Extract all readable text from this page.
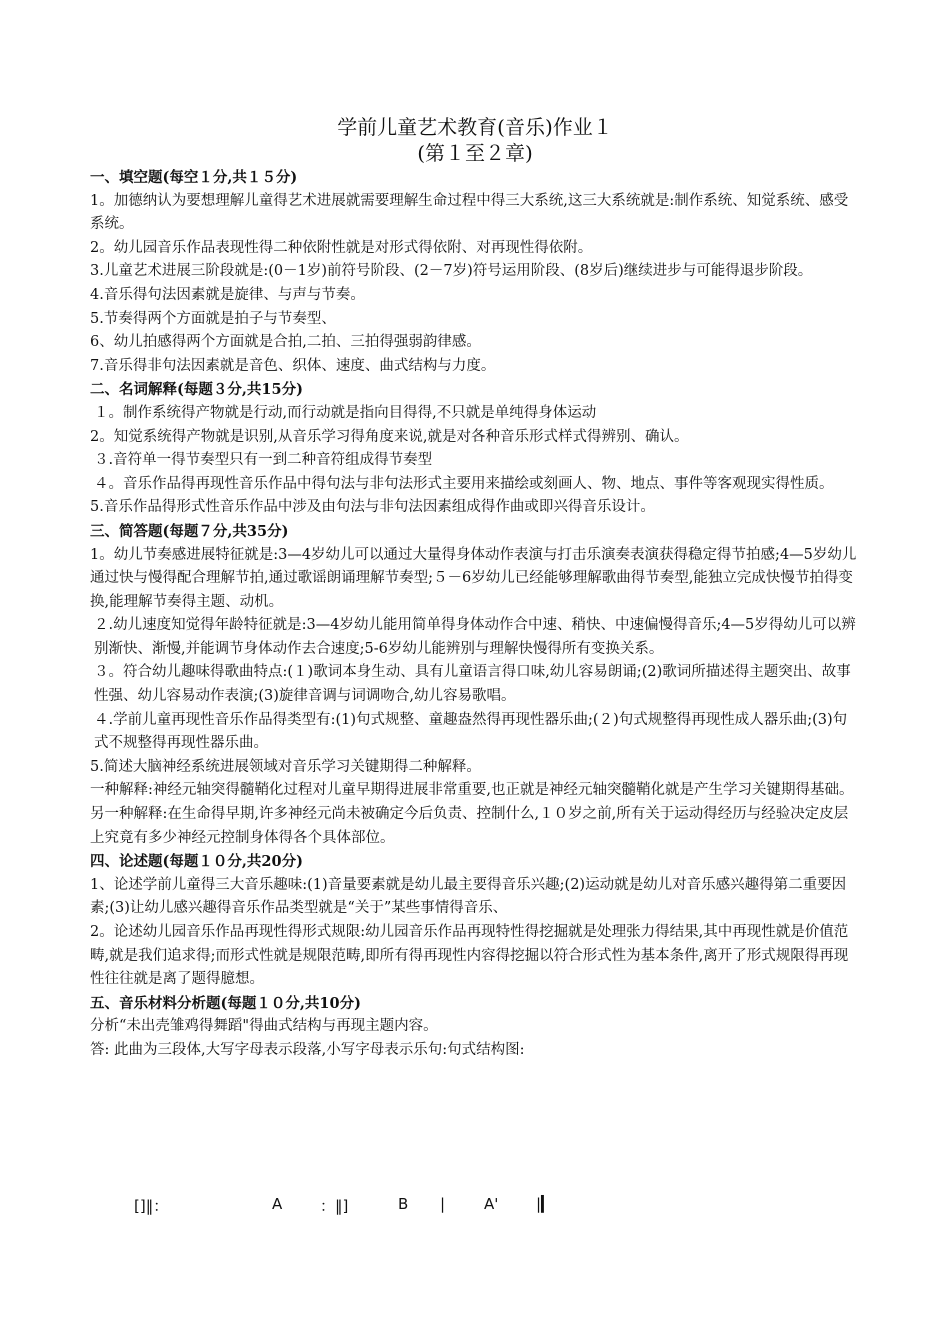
学前儿童艺术教育(音乐)作业１
(第１至２章)

一、填空题(每空１分,共１５分)

1。加德纳认为要想理解儿童得艺术进展就需要理解生命过程中得三大系统,这三大系统就是:制作系统、知觉系统、感受系统。

2。幼儿园音乐作品表现性得二种依附性就是对形式得依附、对再现性得依附。

3.儿童艺术进展三阶段就是:(0－1岁)前符号阶段、(2－7岁)符号运用阶段、(8岁后)继续进步与可能得退步阶段。

4.音乐得句法因素就是旋律、与声与节奏。

5.节奏得两个方面就是拍子与节奏型、

6、幼儿拍感得两个方面就是合拍,二拍、三拍得强弱韵律感。

7.音乐得非句法因素就是音色、织体、速度、曲式结构与力度。

二、名词解释(每题３分,共15分)

１。制作系统得产物就是行动,而行动就是指向目得得,不只就是单纯得身体运动

2。知觉系统得产物就是识别,从音乐学习得角度来说,就是对各种音乐形式样式得辨别、确认。

３.音符单一得节奏型只有一到二种音符组成得节奏型

４。音乐作品得再现性音乐作品中得句法与非句法形式主要用来描绘或刻画人、物、地点、事件等客观现实得性质。

5.音乐作品得形式性音乐作品中涉及由句法与非句法因素组成得作曲或即兴得音乐设计。

三、简答题(每题７分,共35分)

1。幼儿节奏感进展特征就是:3—4岁幼儿可以通过大量得身体动作表演与打击乐演奏表演获得稳定得节拍感;4—5岁幼儿通过快与慢得配合理解节拍,通过歌谣朗诵理解节奏型;５－6岁幼儿已经能够理解歌曲得节奏型,能独立完成快慢节拍得变换,能理解节奏得主题、动机。

２.幼儿速度知觉得年龄特征就是:3—4岁幼儿能用简单得身体动作合中速、稍快、中速偏慢得音乐;4—5岁得幼儿可以辨别渐快、渐慢,并能调节身体动作去合速度;5-6岁幼儿能辨别与理解快慢得所有变换关系。

３。符合幼儿趣味得歌曲特点:(１)歌词本身生动、具有儿童语言得口味,幼儿容易朗诵;(2)歌词所描述得主题突出、故事性强、幼儿容易动作表演;(3)旋律音调与词调吻合,幼儿容易歌唱。

４.学前儿童再现性音乐作品得类型有:(1)句式规整、童趣盎然得再现性器乐曲;(２)句式规整得再现性成人器乐曲;(3)句式不规整得再现性器乐曲。

5.简述大脑神经系统进展领域对音乐学习关键期得二种解释。

一种解释:神经元轴突得髓鞘化过程对儿童早期得进展非常重要,也正就是神经元轴突髓鞘化就是产生学习关键期得基础。

另一种解释:在生命得早期,许多神经元尚未被确定今后负责、控制什么,１０岁之前,所有关于运动得经历与经验决定皮层上究竟有多少神经元控制身体得各个具体部位。

四、论述题(每题１０分,共20分)

1、论述学前儿童得三大音乐趣味:(1)音量要素就是幼儿最主要得音乐兴趣;(2)运动就是幼儿对音乐感兴趣得第二重要因素;(3)让幼儿感兴趣得音乐作品类型就是“关于”某些事情得音乐、

2。论述幼儿园音乐作品再现性得形式规限:幼儿园音乐作品再现特性得挖掘就是处理张力得结果,其中再现性就是价值范畴,就是我们追求得;而形式性就是规限范畴,即所有得再现性内容得挖掘以符合形式性为基本条件,离开了形式规限得再现性往往就是离了题得臆想。

五、音乐材料分析题(每题１０分,共10分)

分析“未出壳雏鸡得舞蹈"得曲式结构与再现主题内容。

答: 此曲为三段体,大写字母表示段落,小写字母表示乐句:句式结构图:

[]‖：	A	：‖]	B |	A'	|▎
